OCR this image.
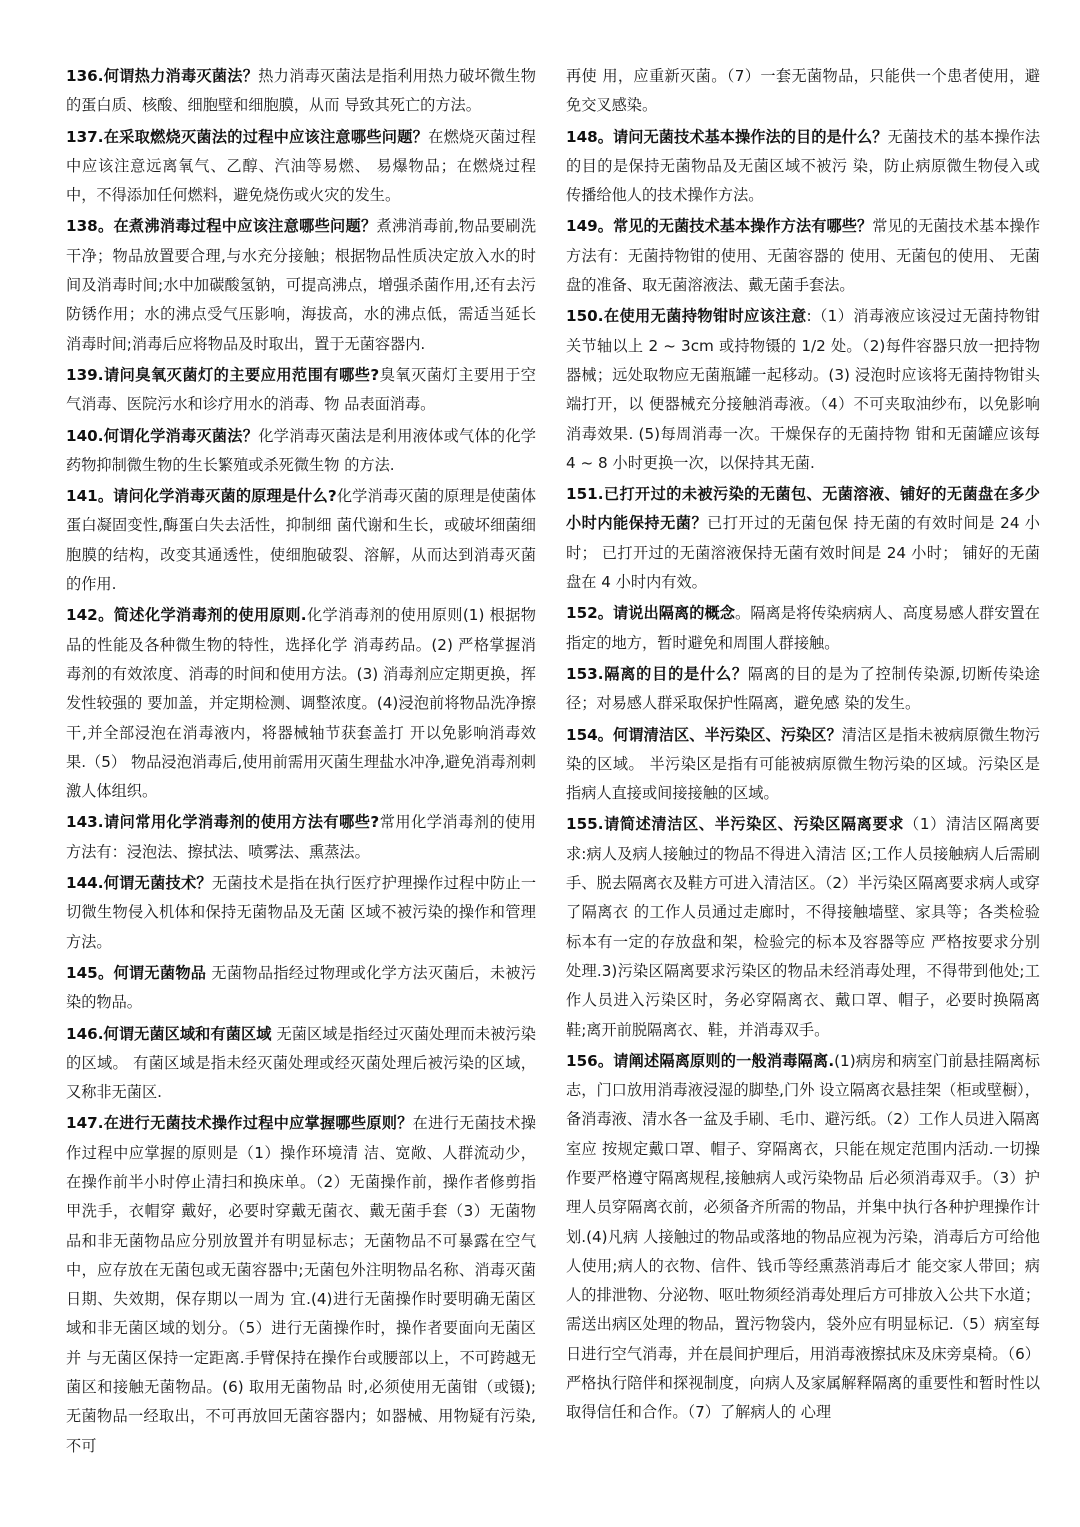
136.何谓热力消毒灭菌法？热力消毒灭菌法是指利用热力破坏微生物的蛋白质、核酸、细胞壁和细胞膜，从而 导致其死亡的方法。

137.在采取燃烧灭菌法的过程中应该注意哪些问题？在燃烧灭菌过程中应该注意远离氧气、乙醇、汽油等易燃、 易爆物品；在燃烧过程中，不得添加任何燃料，避免烧伤或火灾的发生。

138。在煮沸消毒过程中应该注意哪些问题？煮沸消毒前,物品要刷洗干净；物品放置要合理,与水充分接触；根据物品性质决定放入水的时间及消毒时间;水中加碳酸氢钠，可提高沸点，增强杀菌作用,还有去污防锈作用；水的沸点受气压影响，海拔高，水的沸点低，需适当延长消毒时间;消毒后应将物品及时取出，置于无菌容器内.

139.请问臭氧灭菌灯的主要应用范围有哪些?臭氧灭菌灯主要用于空气消毒、医院污水和诊疗用水的消毒、物 品表面消毒。

140.何谓化学消毒灭菌法？化学消毒灭菌法是利用液体或气体的化学药物抑制微生物的生长繁殖或杀死微生物 的方法.

141。请问化学消毒灭菌的原理是什么?化学消毒灭菌的原理是使菌体蛋白凝固变性,酶蛋白失去活性，抑制细 菌代谢和生长，或破坏细菌细胞膜的结构，改变其通透性，使细胞破裂、溶解，从而达到消毒灭菌的作用.

142。简述化学消毒剂的使用原则.化学消毒剂的使用原则(1) 根据物品的性能及各种微生物的特性，选择化学 消毒药品。(2) 严格掌握消毒剂的有效浓度、消毒的时间和使用方法。(3) 消毒剂应定期更换，挥发性较强的 要加盖，并定期检测、调整浓度。(4)浸泡前将物品洗净擦干,并全部浸泡在消毒液内，将器械轴节获套盖打 开以免影响消毒效果.（5） 物品浸泡消毒后,使用前需用灭菌生理盐水冲净,避免消毒剂刺激人体组织。

143.请问常用化学消毒剂的使用方法有哪些?常用化学消毒剂的使用方法有：浸泡法、擦拭法、喷雾法、熏蒸法。

144.何谓无菌技术？无菌技术是指在执行医疗护理操作过程中防止一切微生物侵入机体和保持无菌物品及无菌 区域不被污染的操作和管理方法。

145。何谓无菌物品 无菌物品指经过物理或化学方法灭菌后，未被污染的物品。

146.何谓无菌区域和有菌区域 无菌区域是指经过灭菌处理而未被污染的区域。 有菌区域是指未经灭菌处理或经灭菌处理后被污染的区域，又称非无菌区.

147.在进行无菌技术操作过程中应掌握哪些原则？在进行无菌技术操作过程中应掌握的原则是（1）操作环境清 洁、宽敞、人群流动少，在操作前半小时停止清扫和换床单。（2）无菌操作前，操作者修剪指甲洗手，衣帽穿 戴好，必要时穿戴无菌衣、戴无菌手套（3）无菌物品和非无菌物品应分别放置并有明显标志；无菌物品不可暴露在空气中，应存放在无菌包或无菌容器中;无菌包外注明物品名称、消毒灭菌日期、失效期，保存期以一周为 宜.(4)进行无菌操作时要明确无菌区域和非无菌区域的划分。（5）进行无菌操作时，操作者要面向无菌区并 与无菌区保持一定距离.手臂保持在操作台或腰部以上，不可跨越无菌区和接触无菌物品。(6) 取用无菌物品 时,必须使用无菌钳（或镊);无菌物品一经取出，不可再放回无菌容器内；如器械、用物疑有污染,不可

再使 用，应重新灭菌。（7）一套无菌物品，只能供一个患者使用，避免交叉感染。

148。请问无菌技术基本操作法的目的是什么？无菌技术的基本操作法的目的是保持无菌物品及无菌区域不被污 染，防止病原微生物侵入或传播给他人的技术操作方法。

149。常见的无菌技术基本操作方法有哪些？常见的无菌技术基本操作方法有：无菌持物钳的使用、无菌容器的 使用、无菌包的使用、 无菌盘的准备、取无菌溶液法、戴无菌手套法。

150.在使用无菌持物钳时应该注意:（1）消毒液应该浸过无菌持物钳关节轴以上 2 ~ 3cm 或持物镊的 1/2 处。（2)每件容器只放一把持物器械；远处取物应无菌瓶罐一起移动。(3) 浸泡时应该将无菌持物钳头端打开，以 便器械充分接触消毒液。（4）不可夹取油纱布，以免影响消毒效果. (5)每周消毒一次。干燥保存的无菌持物 钳和无菌罐应该每 4 ~ 8 小时更换一次，以保持其无菌.

151.已打开过的未被污染的无菌包、无菌溶液、铺好的无菌盘在多少小时内能保持无菌？已打开过的无菌包保 持无菌的有效时间是 24 小时； 已打开过的无菌溶液保持无菌有效时间是 24 小时； 铺好的无菌盘在 4 小时内有效。

152。请说出隔离的概念。隔离是将传染病病人、高度易感人群安置在指定的地方，暂时避免和周围人群接触。

153.隔离的目的是什么？隔离的目的是为了控制传染源,切断传染途径；对易感人群采取保护性隔离，避免感 染的发生。

154。何谓清洁区、半污染区、污染区？清洁区是指未被病原微生物污染的区域。 半污染区是指有可能被病原微生物污染的区域。污染区是指病人直接或间接接触的区域。

155.请简述清洁区、半污染区、污染区隔离要求（1）清洁区隔离要求:病人及病人接触过的物品不得进入清洁 区;工作人员接触病人后需刷手、脱去隔离衣及鞋方可进入清洁区。（2）半污染区隔离要求病人或穿了隔离衣 的工作人员通过走廊时，不得接触墙壁、家具等；各类检验标本有一定的存放盘和架，检验完的标本及容器等应 严格按要求分别处理.3)污染区隔离要求污染区的物品未经消毒处理，不得带到他处;工作人员进入污染区时，务必穿隔离衣、戴口罩、帽子，必要时换隔离鞋;离开前脱隔离衣、鞋，并消毒双手。

156。请阐述隔离原则的一般消毒隔离.(1)病房和病室门前悬挂隔离标志，门口放用消毒液浸湿的脚垫,门外 设立隔离衣悬挂架（柜或壁橱），备消毒液、清水各一盆及手刷、毛巾、避污纸。（2）工作人员进入隔离室应 按规定戴口罩、帽子、穿隔离衣，只能在规定范围内活动.一切操作要严格遵守隔离规程,接触病人或污染物品 后必须消毒双手。（3）护理人员穿隔离衣前，必须备齐所需的物品，并集中执行各种护理操作计划.(4)凡病 人接触过的物品或落地的物品应视为污染，消毒后方可给他人使用;病人的衣物、信件、钱币等经熏蒸消毒后才 能交家人带回；病人的排泄物、分泌物、呕吐物须经消毒处理后方可排放入公共下水道；需送出病区处理的物品，置污物袋内，袋外应有明显标记.（5）病室每日进行空气消毒，并在晨间护理后，用消毒液擦拭床及床旁桌椅。（6）严格执行陪伴和探视制度，向病人及家属解释隔离的重要性和暂时性以取得信任和合作。（7）了解病人的 心理
